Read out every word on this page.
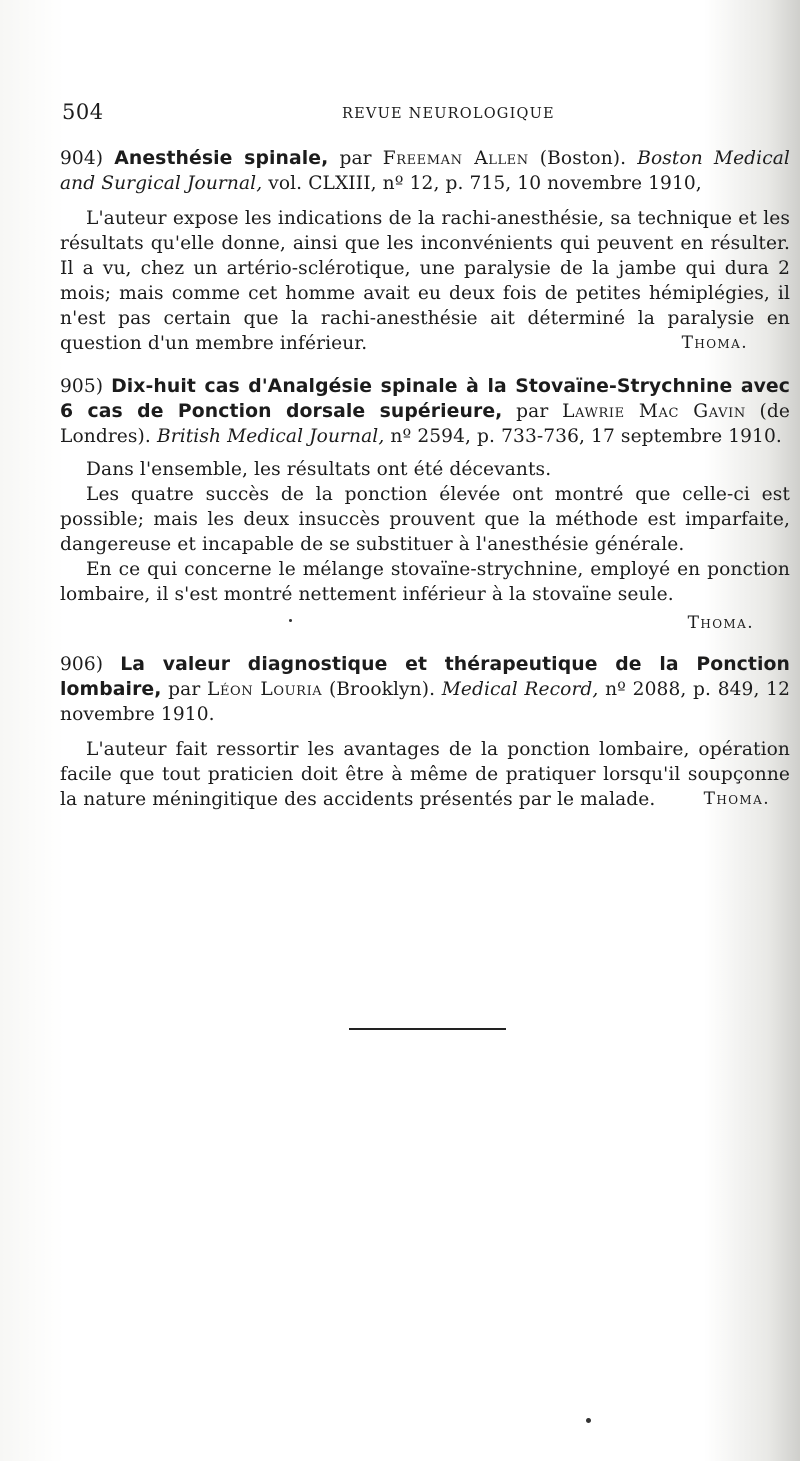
504	REVUE NEUROLOGIQUE

904) Anesthésie spinale, par Freeman Allen (Boston). Boston Medical and Surgical Journal, vol. CLXIII, nº 12, p. 715, 10 novembre 1910,

L'auteur expose les indications de la rachi-anesthésie, sa technique et les résultats qu'elle donne, ainsi que les inconvénients qui peuvent en résulter. Il a vu, chez un artério-sclérotique, une paralysie de la jambe qui dura 2 mois; mais comme cet homme avait eu deux fois de petites hémiplégies, il n'est pas certain que la rachi-anesthésie ait déterminé la paralysie en question d'un membre inférieur.	Thoma.

905) Dix-huit cas d'Analgésie spinale à la Stovaïne-Strychnine avec 6 cas de Ponction dorsale supérieure, par Lawrie Mac Gavin (de Londres). British Medical Journal, nº 2594, p. 733-736, 17 septembre 1910.

Dans l'ensemble, les résultats ont été décevants.

Les quatre succès de la ponction élevée ont montré que celle-ci est possible; mais les deux insuccès prouvent que la méthode est imparfaite, dangereuse et incapable de se substituer à l'anesthésie générale.

En ce qui concerne le mélange stovaïne-strychnine, employé en ponction lombaire, il s'est montré nettement inférieur à la stovaïne seule.

Thoma.

906) La valeur diagnostique et thérapeutique de la Ponction lombaire, par Léon Louria (Brooklyn). Medical Record, nº 2088, p. 849, 12 novembre 1910.

L'auteur fait ressortir les avantages de la ponction lombaire, opération facile que tout praticien doit être à même de pratiquer lorsqu'il soupçonne la nature méningitique des accidents présentés par le malade.	Thoma.
